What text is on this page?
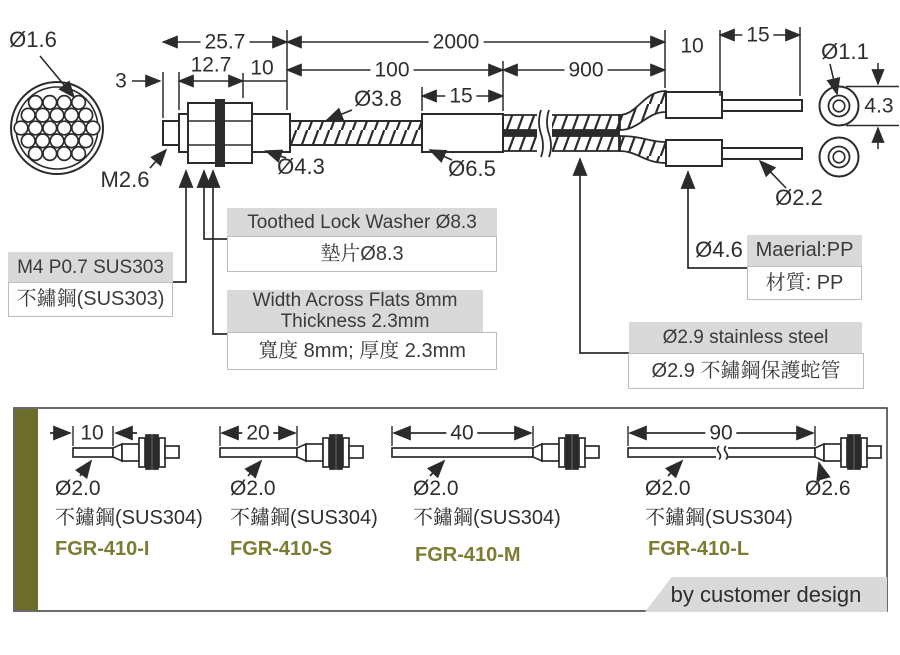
Ø1.6
M2.6
3
12.7 10
25.7	2000
100	900
10 15
15
Ø3.8
Ø4.3	Ø6.5
Ø2.2
Ø1.1
4.3
Ø4.6
Toothed Lock Washer Ø8.3
墊片Ø8.3
M4 P0.7 SUS303
不鏽鋼(SUS303)	Width Across Flats 8mm
Thickness 2.3mm
寬度 8mm; 厚度 2.3mm
Maerial:PP
材質: PP
Ø2.9 stainless steel
Ø2.9 不鏽鋼保護蛇管
10	20	40	90
Ø2.0	Ø2.0	Ø2.0	Ø2.0	Ø2.6
不鏽鋼(SUS304) 不鏽鋼(SUS304) 不鏽鋼(SUS304)	不鏽鋼(SUS304)
FGR-410-I	FGR-410-S	FGR-410-M	FGR-410-L
by customer design
